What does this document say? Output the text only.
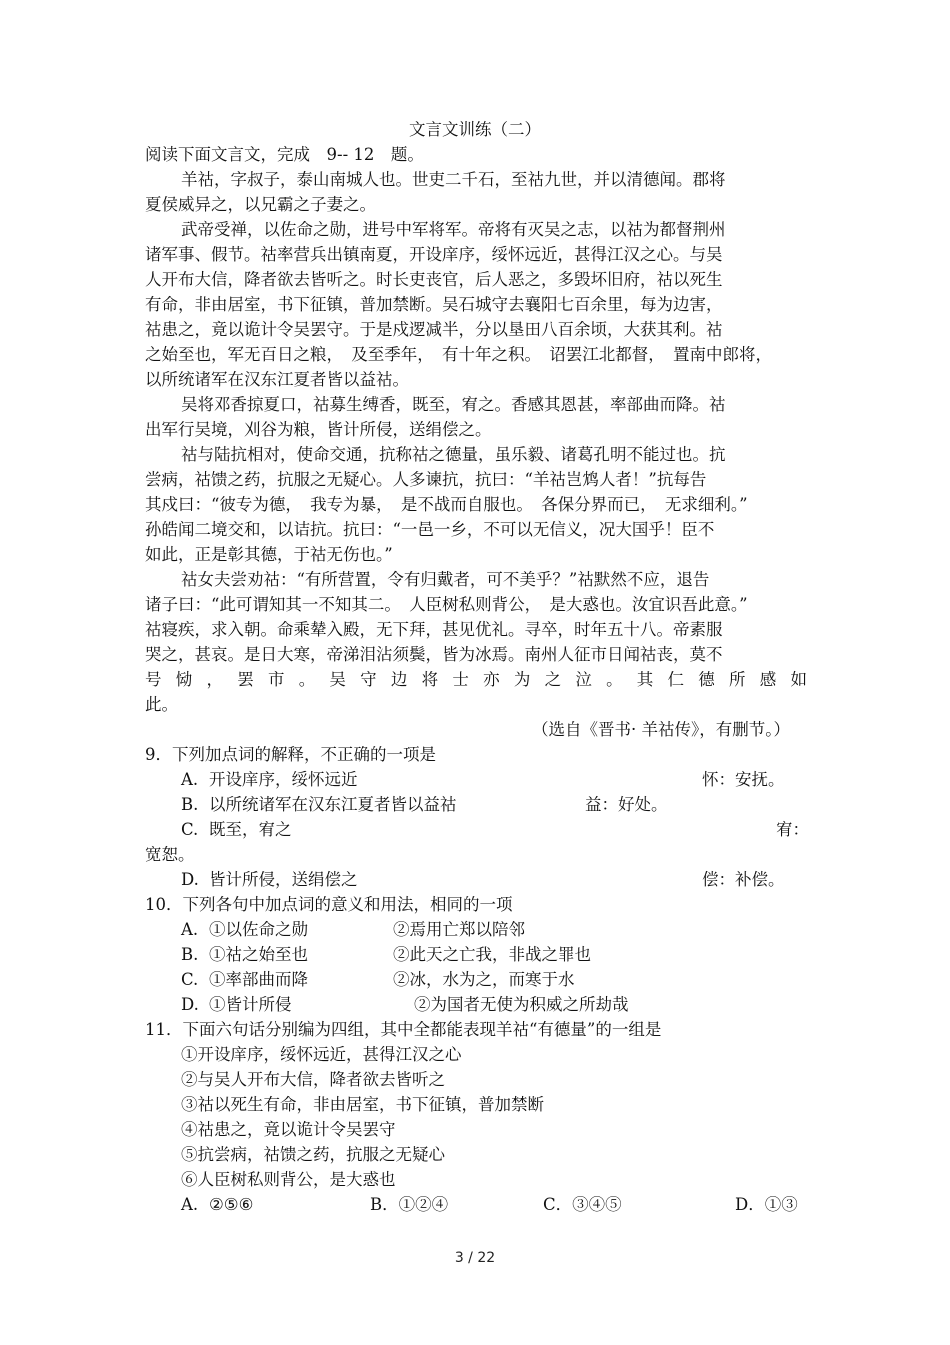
文言文训练（二）
阅读下面文言文，完成　9-- 12　题。
羊祜，字叔子，泰山南城人也。世吏二千石，至祜九世，并以清德闻。郡将
夏侯威异之，以兄霸之子妻之。
武帝受禅，以佐命之勋，进号中军将军。帝将有灭吴之志，以祜为都督荆州
诸军事、假节。祜率营兵出镇南夏，开设庠序，绥怀远近，甚得江汉之心。与吴
人开布大信，降者欲去皆听之。时长吏丧官，后人恶之，多毁坏旧府，祜以死生
有命，非由居室，书下征镇，普加禁断。吴石城守去襄阳七百余里，每为边害，
祜患之，竟以诡计令吴罢守。于是戍逻减半，分以垦田八百余顷，大获其利。祜
之始至也，军无百日之粮，　及至季年，　有十年之积。　诏罢江北都督，　置南中郎将，
以所统诸军在汉东江夏者皆以益祜。
吴将邓香掠夏口，祜募生缚香，既至，宥之。香感其恩甚，率部曲而降。祜
出军行吴境，刈谷为粮，皆计所侵，送绢偿之。
祜与陆抗相对，使命交通，抗称祜之德量，虽乐毅、诸葛孔明不能过也。抗
尝病，祜馈之药，抗服之无疑心。人多谏抗，抗曰：“羊祜岂鸩人者！”抗每告
其戍曰：“彼专为德，　我专为暴，　是不战而自服也。　各保分界而已，　无求细利。”
孙皓闻二境交和，以诘抗。抗曰：“一邑一乡，不可以无信义，况大国乎！臣不
如此，正是彰其德，于祜无伤也。”
祜女夫尝劝祜：“有所营置，令有归戴者，可不美乎？”祜默然不应，退告
诸子曰：“此可谓知其一不知其二。　人臣树私则背公，　是大惑也。汝宜识吾此意。”
祜寝疾，求入朝。命乘辇入殿，无下拜，甚见优礼。寻卒，时年五十八。帝素服
哭之，甚哀。是日大寒，帝涕泪沾须鬓，皆为冰焉。南州人征市日闻祜丧，莫不
号恸，罢市。吴守边将士亦为之泣。其仁德所感如
此。
（选自《晋书· 羊祜传》，有删节。）
9．下列加点词的解释，不正确的一项是
A. 开设庠序，绥怀远近	怀：安抚。
B. 以所统诸军在汉东江夏者皆以益祜	益：好处。
C. 既至，宥之	宥：
宽恕。
D. 皆计所侵，送绢偿之	偿：补偿。
10．下列各句中加点词的意义和用法，相同的一项
A. ①以佐命之勋	②焉用亡郑以陪邻
B. ①祜之始至也	②此天之亡我，非战之罪也
C. ①率部曲而降	②冰，水为之，而寒于水
D. ①皆计所侵	②为国者无使为积威之所劫哉
11．下面六句话分别编为四组，其中全都能表现羊祜“有德量”的一组是
①开设庠序，绥怀远近，甚得江汉之心
②与吴人开布大信，降者欲去皆听之
③祜以死生有命，非由居室，书下征镇，普加禁断
④祜患之，竟以诡计令吴罢守
⑤抗尝病，祜馈之药，抗服之无疑心
⑥人臣树私则背公，是大惑也
A. ②⑤⑥	B．①②④	C．③④⑤	D．①③
3 / 22
